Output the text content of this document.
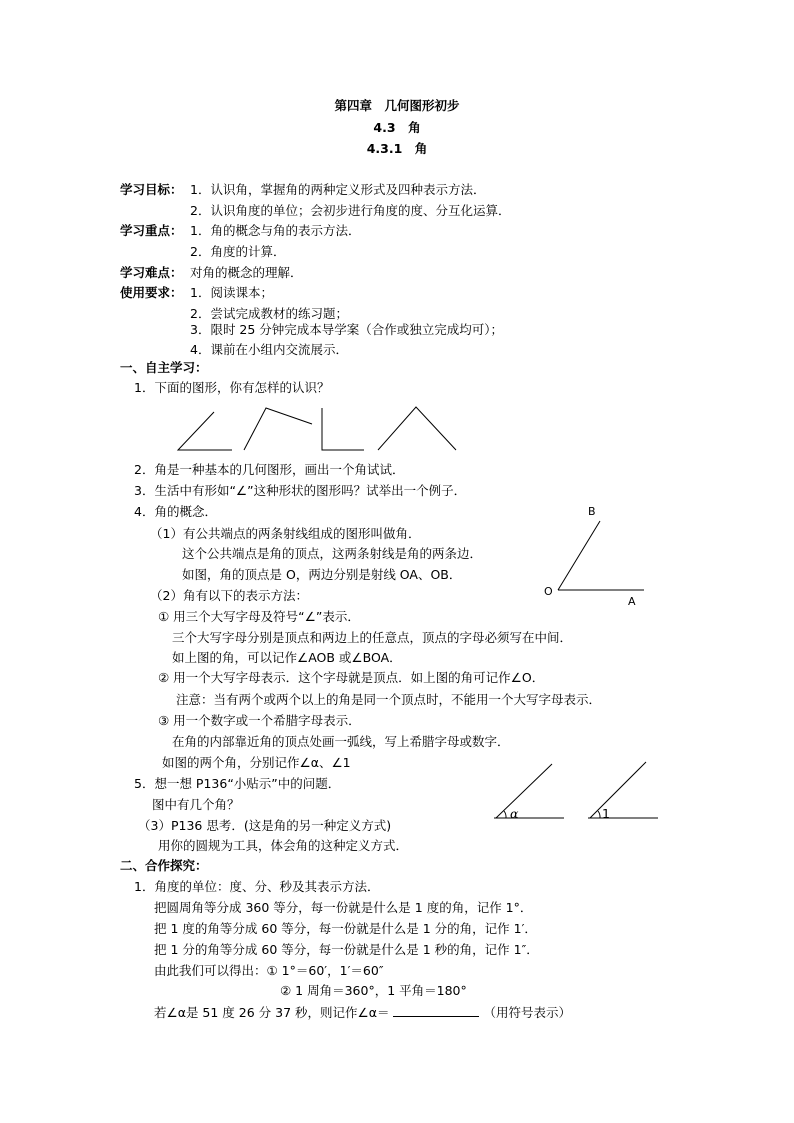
第四章　几何图形初步
4.3　角
4.3.1　角
学习目标： 1．认识角，掌握角的两种定义形式及四种表示方法．
2．认识角度的单位；会初步进行角度的度、分互化运算．
学习重点： 1．角的概念与角的表示方法．
2．角度的计算．
学习难点： 对角的概念的理解．
使用要求： 1．阅读课本；
2．尝试完成教材的练习题；
3．限时 25 分钟完成本导学案（合作或独立完成均可）；
4．课前在小组内交流展示．
一、自主学习：
1．下面的图形，你有怎样的认识？
2．角是一种基本的几何图形，画出一个角试试．
3．生活中有形如“∠”这种形状的图形吗？试举出一个例子．
4．角的概念．
（1）有公共端点的两条射线组成的图形叫做角．
这个公共端点是角的顶点，这两条射线是角的两条边．
如图，角的顶点是 O，两边分别是射线 OA、OB．
B
O
A
（2）角有以下的表示方法：
① 用三个大写字母及符号“∠”表示．
三个大写字母分别是顶点和两边上的任意点，顶点的字母必须写在中间．
如上图的角，可以记作∠AOB 或∠BOA．
② 用一个大写字母表示．这个字母就是顶点．如上图的角可记作∠O．
注意：当有两个或两个以上的角是同一个顶点时，不能用一个大写字母表示．
③ 用一个数字或一个希腊字母表示．
在角的内部靠近角的顶点处画一弧线，写上希腊字母或数字．
如图的两个角，分别记作∠α、∠1
α	1
5．想一想 P136“小贴示”中的问题．
图中有几个角？
（3）P136 思考．(这是角的另一种定义方式)
用你的圆规为工具，体会角的这种定义方式．
二、合作探究：
1．角度的单位：度、分、秒及其表示方法．
把圆周角等分成 360 等分，每一份就是什么是 1 度的角，记作 1°．
把 1 度的角等分成 60 等分，每一份就是什么是 1 分的角，记作 1′．
把 1 分的角等分成 60 等分，每一份就是什么是 1 秒的角，记作 1″．
由此我们可以得出：① 1°＝60′，1′＝60″
② 1 周角＝360°，1 平角＝180°
若∠α是 51 度 26 分 37 秒，则记作∠α＝	（用符号表示）
